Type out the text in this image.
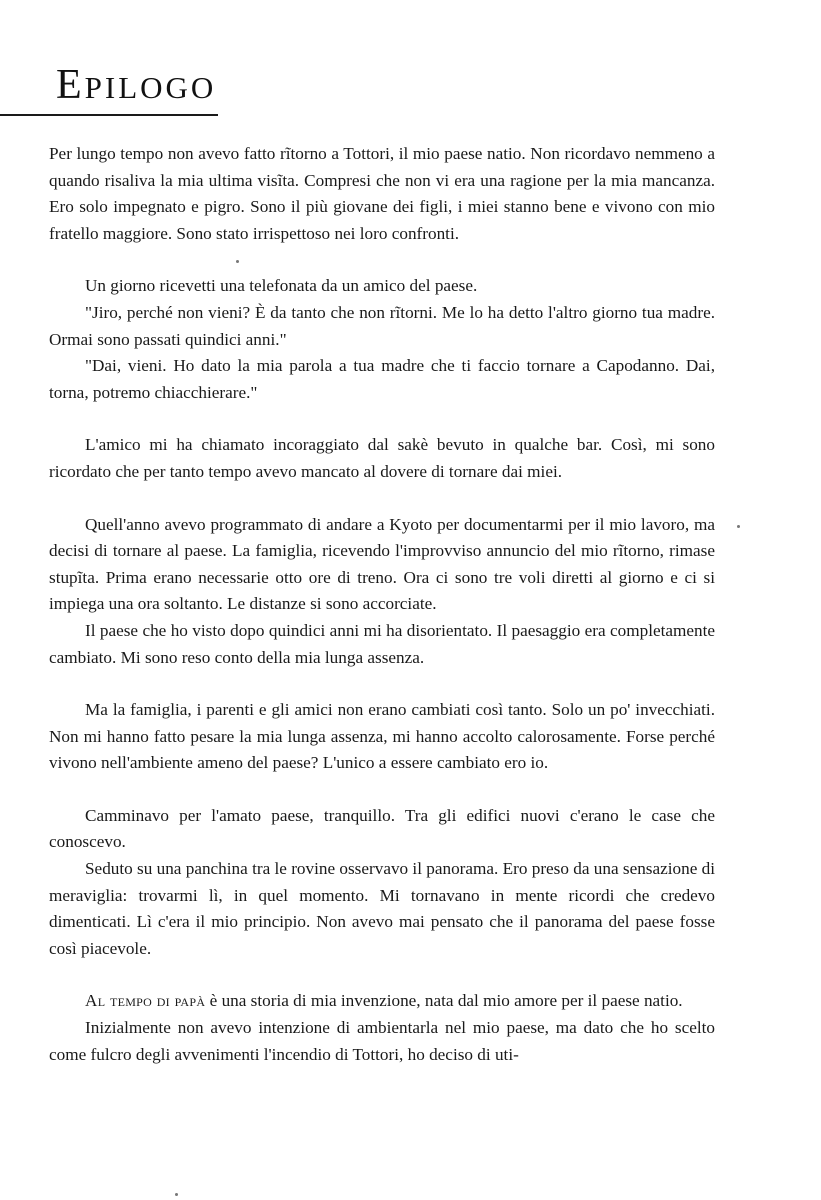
EPILOGO

Per lungo tempo non avevo fatto rĩtorno a Tottori, il mio paese natio. Non ricordavo nemmeno a quando risaliva la mia ultima visĩta. Compresi che non vi era una ragione per la mia mancanza. Ero solo impegnato e pigro. Sono il più giovane dei figli, i miei stanno bene e vivono con mio fratello maggiore. Sono stato irrispettoso nei loro confronti.

Un giorno ricevetti una telefonata da un amico del paese.

"Jiro, perché non vieni? È da tanto che non rĩtorni. Me lo ha detto l'altro giorno tua madre. Ormai sono passati quindici anni."

"Dai, vieni. Ho dato la mia parola a tua madre che ti faccio tornare a Capodanno. Dai, torna, potremo chiacchierare."

L'amico mi ha chiamato incoraggiato dal sakè bevuto in qualche bar. Così, mi sono ricordato che per tanto tempo avevo mancato al dovere di tornare dai miei.

Quell'anno avevo programmato di andare a Kyoto per documentarmi per il mio lavoro, ma decisi di tornare al paese. La famiglia, ricevendo l'improvviso annuncio del mio rĩtorno, rimase stupĩta. Prima erano necessarie otto ore di treno. Ora ci sono tre voli diretti al giorno e ci si impiega una ora soltanto. Le distanze si sono accorciate.

Il paese che ho visto dopo quindici anni mi ha disorientato. Il paesaggio era completamente cambiato. Mi sono reso conto della mia lunga assenza.

Ma la famiglia, i parenti e gli amici non erano cambiati così tanto. Solo un po' invecchiati. Non mi hanno fatto pesare la mia lunga assenza, mi hanno accolto calorosamente. Forse perché vivono nell'ambiente ameno del paese? L'unico a essere cambiato ero io.

Camminavo per l'amato paese, tranquillo. Tra gli edifici nuovi c'erano le case che conoscevo.

Seduto su una panchina tra le rovine osservavo il panorama. Ero preso da una sensazione di meraviglia: trovarmi lì, in quel momento. Mi tornavano in mente ricordi che credevo dimenticati. Lì c'era il mio principio. Non avevo mai pensato che il panorama del paese fosse così piacevole.

Al tempo di papà è una storia di mia invenzione, nata dal mio amore per il paese natio.

Inizialmente non avevo intenzione di ambientarla nel mio paese, ma dato che ho scelto come fulcro degli avvenimenti l'incendio di Tottori, ho deciso di uti-
